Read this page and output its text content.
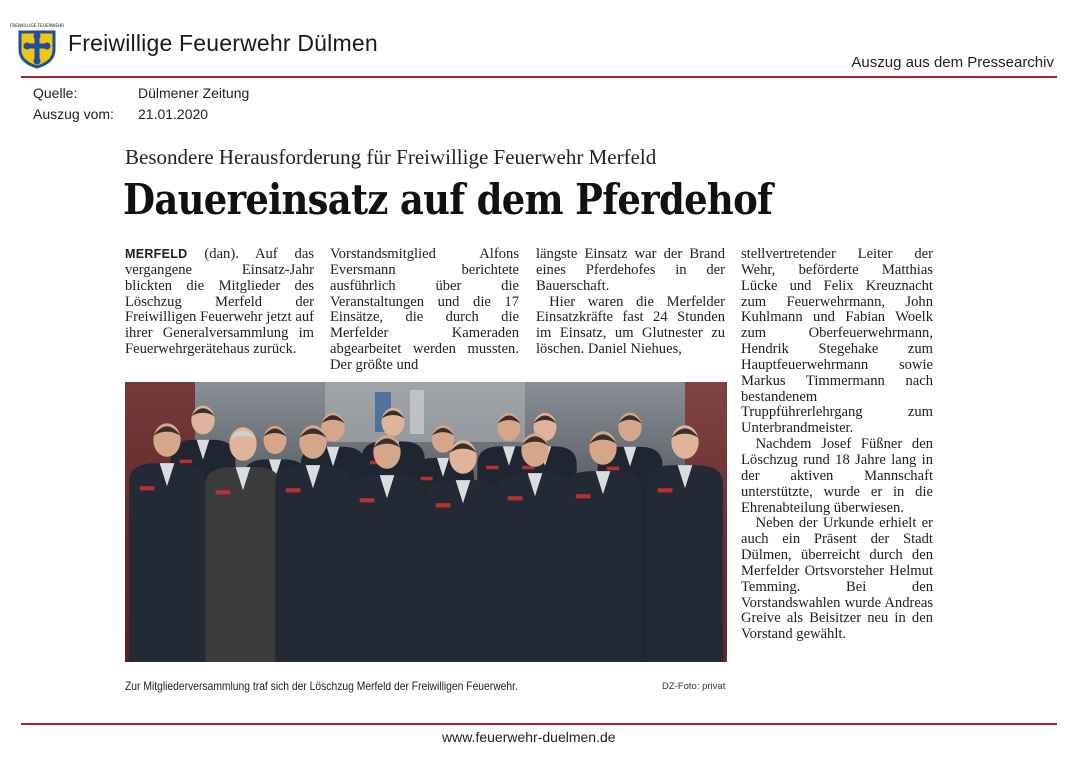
FREIWILLIGE FEUERWEHR
Freiwillige Feuerwehr Dülmen
Auszug aus dem Pressearchiv
Quelle:	Dülmener Zeitung
Auszug vom: 21.01.2020
Besondere Herausforderung für Freiwillige Feuerwehr Merfeld
Dauereinsatz auf dem Pferdehof

MERFELD (dan). Auf das vergangene Einsatz-Jahr blickten die Mitglieder des Löschzug Merfeld der Freiwilligen Feuerwehr jetzt auf ihrer Generalversammlung im Feuerwehrgerätehaus zurück.

Vorstandsmitglied Alfons Eversmann berichtete ausführlich über die Veranstaltungen und die 17 Einsätze, die durch die Merfelder Kameraden abgearbeitet werden mussten. Der größte und

längste Einsatz war der Brand eines Pferdehofes in der Bauerschaft.

Hier waren die Merfelder Einsatzkräfte fast 24 Stunden im Einsatz, um Glutnester zu löschen. Daniel Niehues,

stellvertretender Leiter der Wehr, beförderte Matthias Lücke und Felix Kreuznacht zum Feuerwehrmann, John Kuhlmann und Fabian Woelk zum Oberfeuerwehrmann, Hendrik Stegehake zum Hauptfeuerwehrmann sowie Markus Timmermann nach bestandenem Truppführerlehrgang zum Unterbrandmeister.

Nachdem Josef Füßner den Löschzug rund 18 Jahre lang in der aktiven Mannschaft unterstützte, wurde er in die Ehrenabteilung überwiesen.

Neben der Urkunde erhielt er auch ein Präsent der Stadt Dülmen, überreicht durch den Merfelder Ortsvorsteher Helmut Temming. Bei den Vorstandswahlen wurde Andreas Greive als Beisitzer neu in den Vorstand gewählt.

Zur Mitgliederversammlung traf sich der Löschzug Merfeld der Freiwilligen Feuerwehr.	DZ-Foto: privat
www.feuerwehr-duelmen.de
